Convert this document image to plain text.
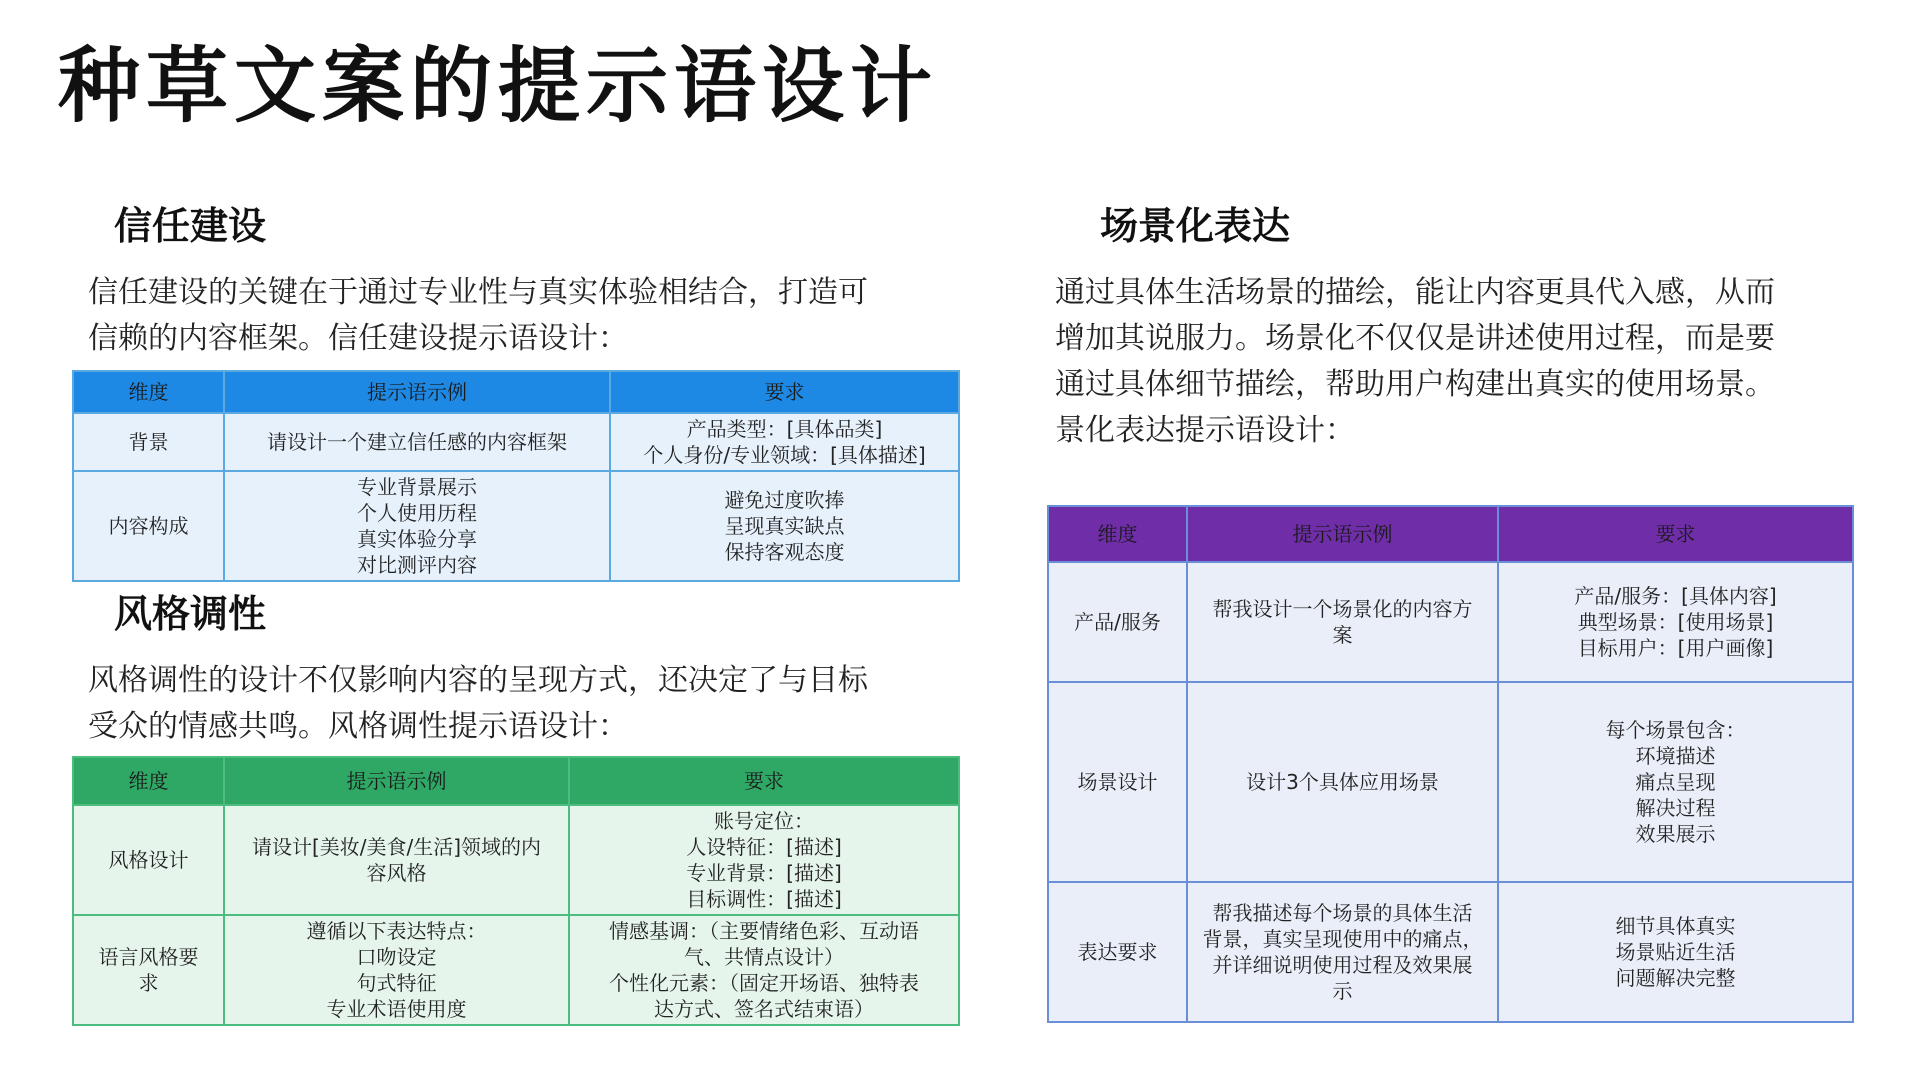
种草文案的提示语设计
信任建设
信任建设的关键在于通过专业性与真实体验相结合，打造可
信赖的内容框架。信任建设提示语设计：
维度	提示语示例	要求

背景	请设计一个建立信任感的内容框架	产品类型：[具体品类]
个人身份/专业领域：[具体描述]

内容构成	专业背景展示
个人使用历程
真实体验分享
对比测评内容	避免过度吹捧
呈现真实缺点
保持客观态度
风格调性
风格调性的设计不仅影响内容的呈现方式，还决定了与目标
受众的情感共鸣。风格调性提示语设计：
维度	提示语示例	要求

风格设计	请设计[美妆/美食/生活]领域的内
容风格	账号定位：
人设特征：[描述]
专业背景：[描述]
目标调性：[描述]

语言风格要
求	遵循以下表达特点：
口吻设定
句式特征
专业术语使用度	情感基调：（主要情绪色彩、互动语
气、共情点设计）
个性化元素：（固定开场语、独特表
达方式、签名式结束语）
场景化表达
通过具体生活场景的描绘，能让内容更具代入感，从而
增加其说服力。场景化不仅仅是讲述使用过程，而是要
通过具体细节描绘，帮助用户构建出真实的使用场景。
景化表达提示语设计：
维度	提示语示例	要求

产品/服务	帮我设计一个场景化的内容方
案	产品/服务：[具体内容]
典型场景：[使用场景]
目标用户：[用户画像]

场景设计	设计3个具体应用场景	每个场景包含：
环境描述
痛点呈现
解决过程
效果展示

表达要求	帮我描述每个场景的具体生活
背景，真实呈现使用中的痛点，
并详细说明使用过程及效果展
示	细节具体真实
场景贴近生活
问题解决完整
